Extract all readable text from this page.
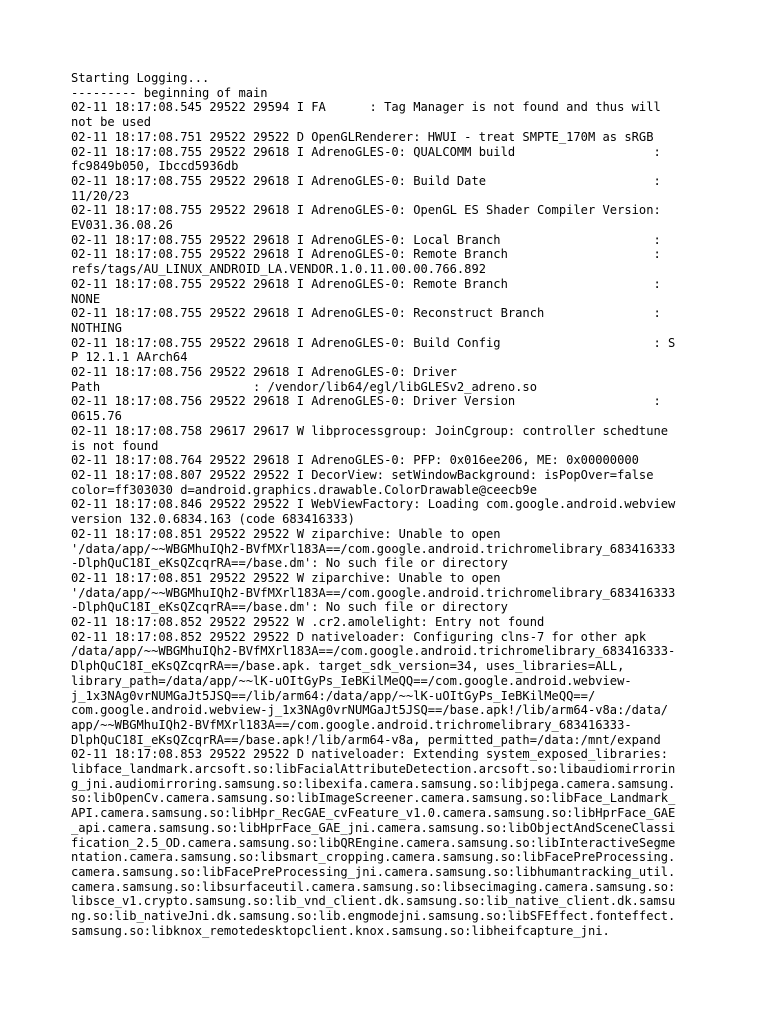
Starting Logging...
--------- beginning of main
02-11 18:17:08.545 29522 29594 I FA      : Tag Manager is not found and thus will
not be used
02-11 18:17:08.751 29522 29522 D OpenGLRenderer: HWUI - treat SMPTE_170M as sRGB
02-11 18:17:08.755 29522 29618 I AdrenoGLES-0: QUALCOMM build                   :
fc9849b050, Ibccd5936db
02-11 18:17:08.755 29522 29618 I AdrenoGLES-0: Build Date                       :
11/20/23
02-11 18:17:08.755 29522 29618 I AdrenoGLES-0: OpenGL ES Shader Compiler Version:
EV031.36.08.26
02-11 18:17:08.755 29522 29618 I AdrenoGLES-0: Local Branch                     :
02-11 18:17:08.755 29522 29618 I AdrenoGLES-0: Remote Branch                    :
refs/tags/AU_LINUX_ANDROID_LA.VENDOR.1.0.11.00.00.766.892
02-11 18:17:08.755 29522 29618 I AdrenoGLES-0: Remote Branch                    :
NONE
02-11 18:17:08.755 29522 29618 I AdrenoGLES-0: Reconstruct Branch               :
NOTHING
02-11 18:17:08.755 29522 29618 I AdrenoGLES-0: Build Config                     : S
P 12.1.1 AArch64
02-11 18:17:08.756 29522 29618 I AdrenoGLES-0: Driver
Path                     : /vendor/lib64/egl/libGLESv2_adreno.so
02-11 18:17:08.756 29522 29618 I AdrenoGLES-0: Driver Version                   :
0615.76
02-11 18:17:08.758 29617 29617 W libprocessgroup: JoinCgroup: controller schedtune
is not found
02-11 18:17:08.764 29522 29618 I AdrenoGLES-0: PFP: 0x016ee206, ME: 0x00000000
02-11 18:17:08.807 29522 29522 I DecorView: setWindowBackground: isPopOver=false
color=ff303030 d=android.graphics.drawable.ColorDrawable@ceecb9e
02-11 18:17:08.846 29522 29522 I WebViewFactory: Loading com.google.android.webview
version 132.0.6834.163 (code 683416333)
02-11 18:17:08.851 29522 29522 W ziparchive: Unable to open
'/data/app/~~WBGMhuIQh2-BVfMXrl183A==/com.google.android.trichromelibrary_683416333
-DlphQuC18I_eKsQZcqrRA==/base.dm': No such file or directory
02-11 18:17:08.851 29522 29522 W ziparchive: Unable to open
'/data/app/~~WBGMhuIQh2-BVfMXrl183A==/com.google.android.trichromelibrary_683416333
-DlphQuC18I_eKsQZcqrRA==/base.dm': No such file or directory
02-11 18:17:08.852 29522 29522 W .cr2.amolelight: Entry not found
02-11 18:17:08.852 29522 29522 D nativeloader: Configuring clns-7 for other apk
/data/app/~~WBGMhuIQh2-BVfMXrl183A==/com.google.android.trichromelibrary_683416333-
DlphQuC18I_eKsQZcqrRA==/base.apk. target_sdk_version=34, uses_libraries=ALL,
library_path=/data/app/~~lK-uOItGyPs_IeBKilMeQQ==/com.google.android.webview-
j_1x3NAg0vrNUMGaJt5JSQ==/lib/arm64:/data/app/~~lK-uOItGyPs_IeBKilMeQQ==/
com.google.android.webview-j_1x3NAg0vrNUMGaJt5JSQ==/base.apk!/lib/arm64-v8a:/data/
app/~~WBGMhuIQh2-BVfMXrl183A==/com.google.android.trichromelibrary_683416333-
DlphQuC18I_eKsQZcqrRA==/base.apk!/lib/arm64-v8a, permitted_path=/data:/mnt/expand
02-11 18:17:08.853 29522 29522 D nativeloader: Extending system_exposed_libraries:
libface_landmark.arcsoft.so:libFacialAttributeDetection.arcsoft.so:libaudiomirrorin
g_jni.audiomirroring.samsung.so:libexifa.camera.samsung.so:libjpega.camera.samsung.
so:libOpenCv.camera.samsung.so:libImageScreener.camera.samsung.so:libFace_Landmark_
API.camera.samsung.so:libHpr_RecGAE_cvFeature_v1.0.camera.samsung.so:libHprFace_GAE
_api.camera.samsung.so:libHprFace_GAE_jni.camera.samsung.so:libObjectAndSceneClassi
fication_2.5_OD.camera.samsung.so:libQREngine.camera.samsung.so:libInteractiveSegme
ntation.camera.samsung.so:libsmart_cropping.camera.samsung.so:libFacePreProcessing.
camera.samsung.so:libFacePreProcessing_jni.camera.samsung.so:libhumantracking_util.
camera.samsung.so:libsurfaceutil.camera.samsung.so:libsecimaging.camera.samsung.so:
libsce_v1.crypto.samsung.so:lib_vnd_client.dk.samsung.so:lib_native_client.dk.samsu
ng.so:lib_nativeJni.dk.samsung.so:lib.engmodejni.samsung.so:libSFEffect.fonteffect.
samsung.so:libknox_remotedesktopclient.knox.samsung.so:libheifcapture_jni.
